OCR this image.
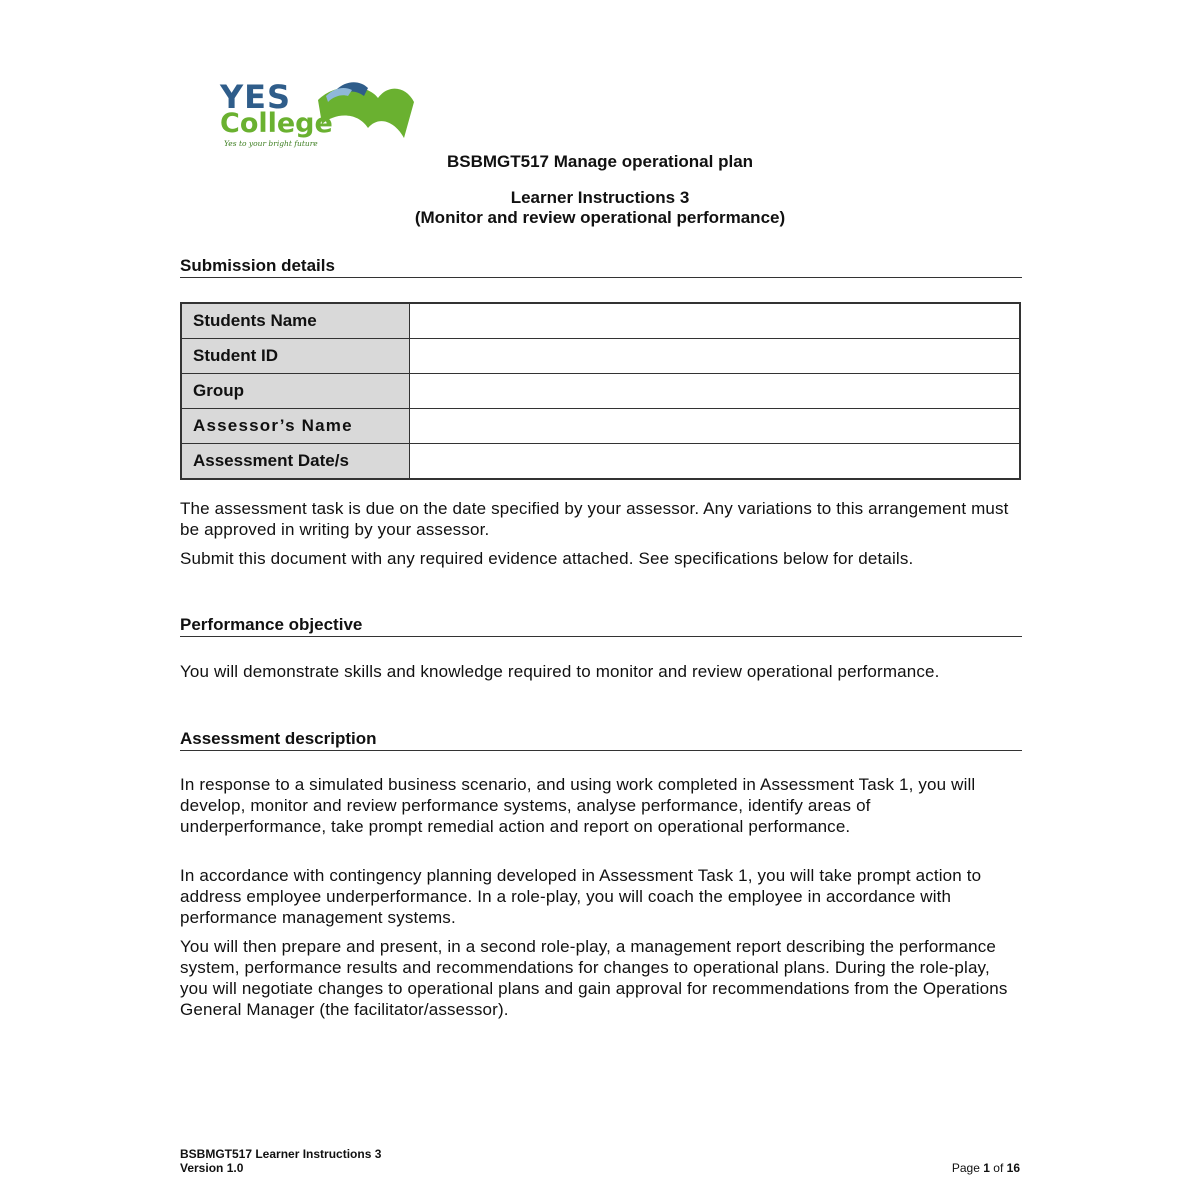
YES
College
Yes to your bright future
BSBMGT517 Manage operational plan
Learner Instructions 3
(Monitor and review operational performance)
Submission details
Students Name	
Student ID	
Group	
Assessor’s Name	
Assessment Date/s	

The assessment task is due on the date specified by your assessor. Any variations to this arrangement must be approved in writing by your assessor.

Submit this document with any required evidence attached. See specifications below for details.

Performance objective

You will demonstrate skills and knowledge required to monitor and review operational performance.

Assessment description

In response to a simulated business scenario, and using work completed in Assessment Task 1, you will develop, monitor and review performance systems, analyse performance, identify areas of underperformance, take prompt remedial action and report on operational performance.

In accordance with contingency planning developed in Assessment Task 1, you will take prompt action to address employee underperformance. In a role-play, you will coach the employee in accordance with performance management systems.

You will then prepare and present, in a second role-play, a management report describing the performance system, performance results and recommendations for changes to operational plans. During the role-play, you will negotiate changes to operational plans and gain approval for recommendations from the Operations General Manager (the facilitator/assessor).

BSBMGT517 Learner Instructions 3
Version 1.0	Page 1 of 16
